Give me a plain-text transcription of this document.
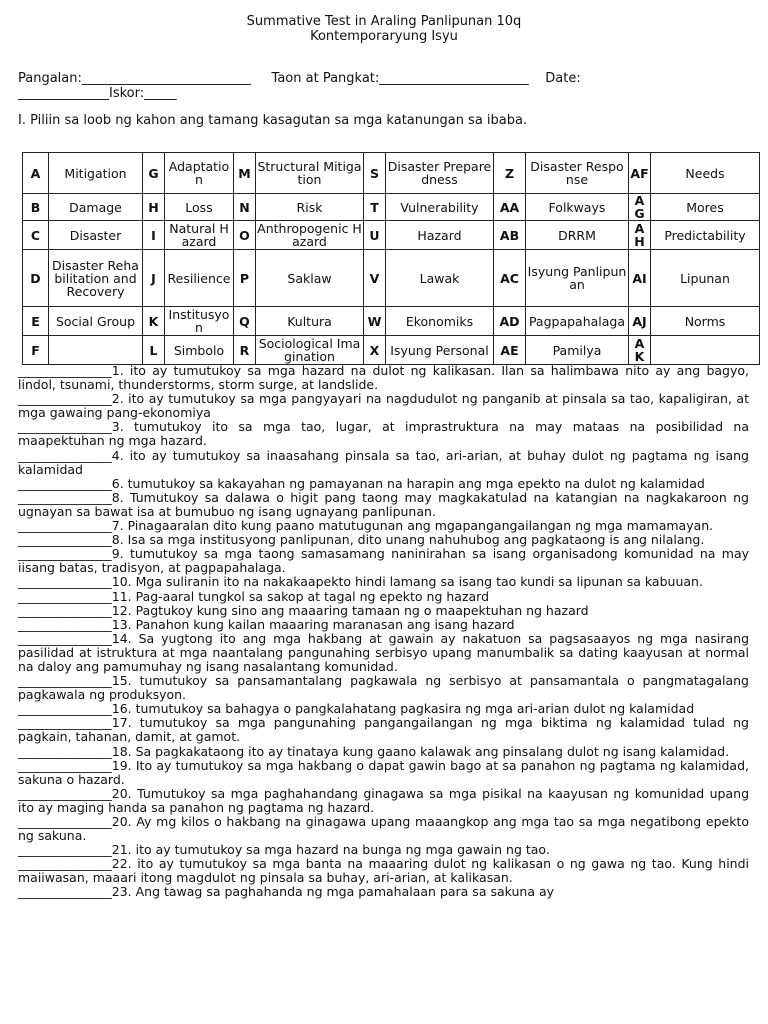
Summative Test in Araling Panlipunan 10q
Kontemporaryung Isyu
Pangalan:__________________________     Taon at Pangkat:_______________________    Date:
______________Iskor:_____
I. Piliin sa loob ng kahon ang tamang kasagutan sa mga katanungan sa ibaba.
A	Mitigation	G	Adaptation	M	Structural Mitigation	S	Disaster Preparedness	Z	Disaster Response	AF	Needs
B	Damage	H	Loss	N	Risk	T	Vulnerability	AA	Folkways	AG	Mores
C	Disaster	I	Natural Hazard	O	Anthropogenic Hazard	U	Hazard	AB	DRRM	AH	Predictability
D	Disaster Rehabilitation and Recovery	J	Resilience	P	Saklaw	V	Lawak	AC	Isyung Panlipunan	AI	Lipunan
E	Social Group	K	Institusyon	Q	Kultura	W	Ekonomiks	AD	Pagpapahalaga	AJ	Norms
F		L	Simbolo	R	Sociological Imagination	X	Isyung Personal	AE	Pamilya	AK	

_______________1. ito ay tumutukoy sa mga hazard na dulot ng kalikasan. Ilan sa halimbawa nito ay ang bagyo, lindol, tsunami, thunderstorms, storm surge, at landslide.

_______________2. ito ay tumutukoy sa mga pangyayari na nagdudulot ng panganib at pinsala sa tao, kapaligiran, at mga gawaing pang-ekonomiya

_______________3. tumutukoy ito sa mga tao, lugar, at imprastruktura na may mataas na posibilidad na maapektuhan ng mga hazard.

_______________4. ito ay tumutukoy sa inaasahang pinsala sa tao, ari-arian, at buhay dulot ng pagtama ng isang kalamidad

_______________6. tumutukoy sa kakayahan ng pamayanan na harapin ang mga epekto na dulot ng kalamidad

_______________8. Tumutukoy sa dalawa o higit pang taong may magkakatulad na katangian na nagkakaroon ng ugnayan sa bawat isa at bumubuo ng isang ugnayang panlipunan.

_______________7. Pinagaaralan dito kung paano matutugunan ang mgapangangailangan ng mga mamamayan.

_______________8. Isa sa mga institusyong panlipunan, dito unang nahuhubog ang pagkataong is ang nilalang.

_______________9. tumutukoy sa mga taong samasamang naninirahan sa isang organisadong komunidad na may iisang batas, tradisyon, at pagpapahalaga.

_______________10. Mga suliranin ito na nakakaapekto hindi lamang sa isang tao kundi sa lipunan sa kabuuan.

_______________11. Pag-aaral tungkol sa sakop at tagal ng epekto ng hazard

_______________12. Pagtukoy kung sino ang maaaring tamaan ng o maapektuhan ng hazard

_______________13. Panahon kung kailan maaaring maranasan ang isang hazard

_______________14. Sa yugtong ito ang mga hakbang at gawain ay nakatuon sa pagsasaayos ng mga nasirang pasilidad at istruktura at mga naantalang pangunahing serbisyo upang manumbalik sa dating kaayusan at normal na daloy ang pamumuhay ng isang nasalantang komunidad.

_______________15. tumutukoy sa pansamantalang pagkawala ng serbisyo at pansamantala o pangmatagalang pagkawala ng produksyon.

_______________16. tumutukoy sa bahagya o pangkalahatang pagkasira ng mga ari-arian dulot ng kalamidad

_______________17. tumutukoy sa mga pangunahing pangangailangan ng mga biktima ng kalamidad tulad ng pagkain, tahanan, damit, at gamot.

_______________18. Sa pagkakataong ito ay tinataya kung gaano kalawak ang pinsalang dulot ng isang kalamidad.

_______________19. Ito ay tumutukoy sa mga hakbang o dapat gawin bago at sa panahon ng pagtama ng kalamidad, sakuna o hazard.

_______________20. Tumutukoy sa mga paghahandang ginagawa sa mga pisikal na kaayusan ng komunidad upang ito ay maging handa sa panahon ng pagtama ng hazard.

_______________20. Ay mg kilos o hakbang na ginagawa upang maaangkop ang mga tao sa mga negatibong epekto ng sakuna.

_______________21. ito ay tumutukoy sa mga hazard na bunga ng mga gawain ng tao.

_______________22. ito ay tumutukoy sa mga banta na maaaring dulot ng kalikasan o ng gawa ng tao. Kung hindi maiiwasan, maaari itong magdulot ng pinsala sa buhay, ari-arian, at kalikasan.

_______________23. Ang tawag sa paghahanda ng mga pamahalaan para sa sakuna ay
